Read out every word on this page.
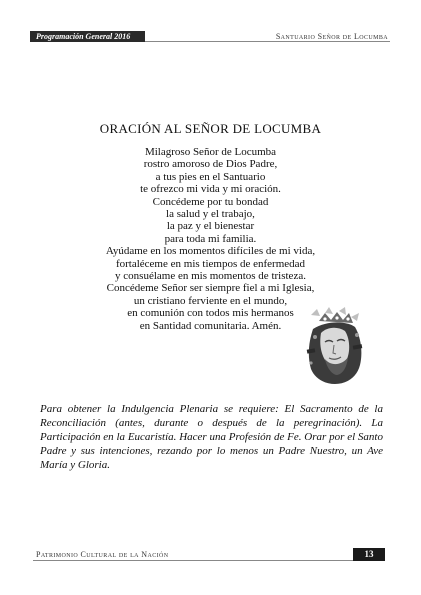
Programación General 2016	Santuario Señor de Locumba
ORACIÓN AL SEÑOR DE LOCUMBA
Milagroso Señor de Locumba
rostro amoroso de Dios Padre,
a tus pies en el Santuario
te ofrezco mi vida y mi oración.
Concédeme por tu bondad
la salud y el trabajo,
la paz y el bienestar
para toda mi familia.
Ayúdame en los momentos difíciles de mi vida,
fortaléceme en mis tiempos de enfermedad
y consuélame en mis momentos de tristeza.
Concédeme Señor ser siempre fiel a mi Iglesia,
un cristiano ferviente en el mundo,
en comunión con todos mis hermanos
en Santidad comunitaria. Amén.
Para obtener la Indulgencia Plenaria se requiere: El Sacramento de la Reconciliación (antes, durante o después de la peregrinación). La Participación en la Eucaristía. Hacer una Profesión de Fe. Orar por el Santo Padre y sus intenciones, rezando por lo menos un Padre Nuestro, un Ave María y Gloria.
Patrimonio Cultural de la Nación	13
